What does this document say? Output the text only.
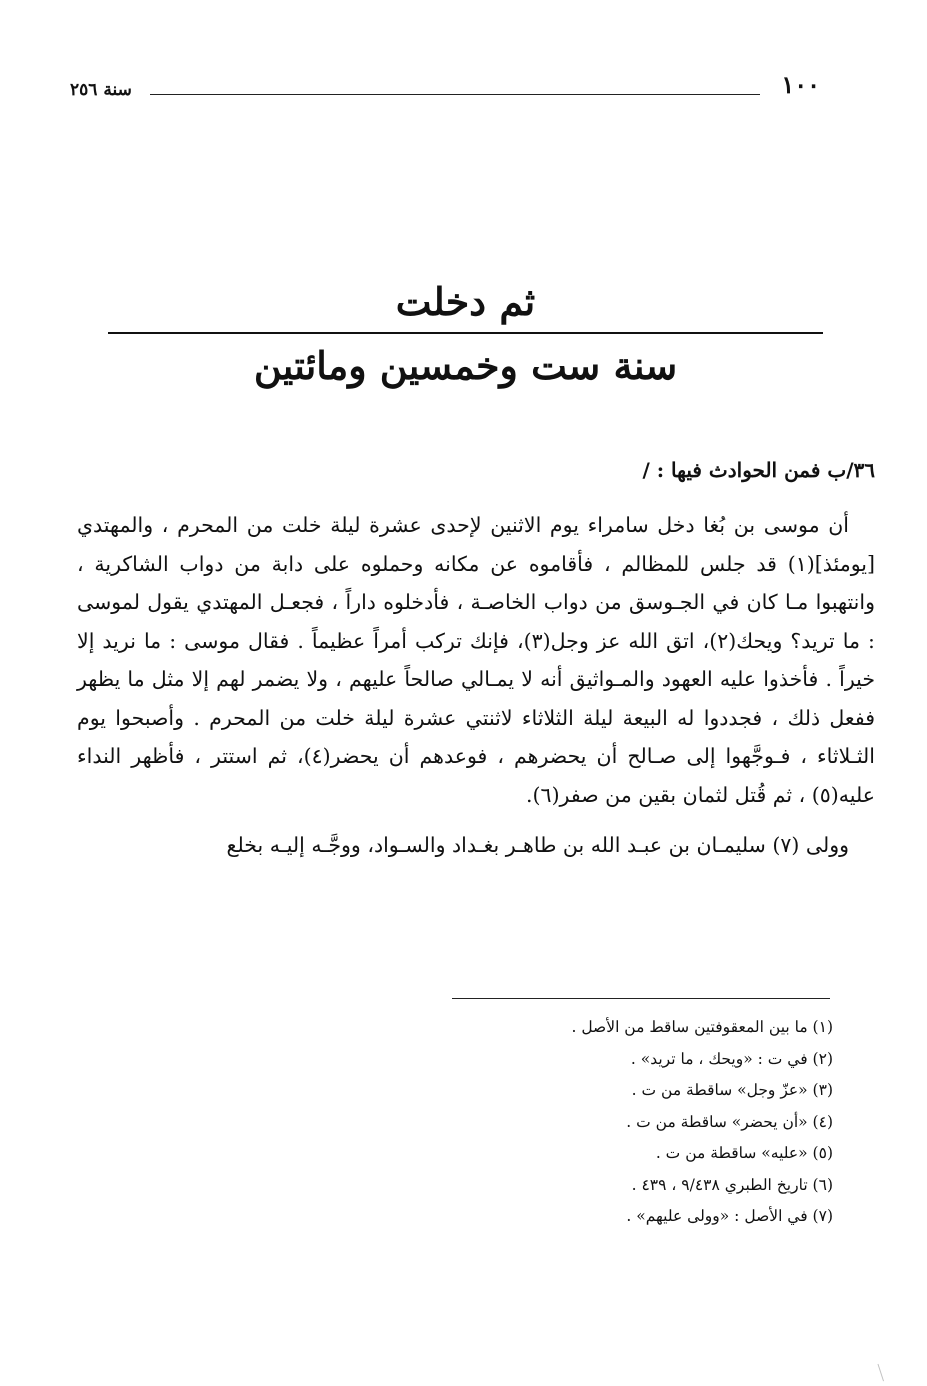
١٠٠
سنة ٢٥٦
ثم دخلت
سنة ست وخمسين ومائتين
٣٦/ب فمن الحوادث فيها : /

أن موسى بن بُغا دخل سامراء يوم الاثنين لإحدى عشرة ليلة خلت من المحرم ، والمهتدي [يومئذ](١) قد جلس للمظالم ، فأقاموه عن مكانه وحملوه على دابة من دواب الشاكرية ، وانتهبوا مـا كان في الجـوسق من دواب الخاصـة ، فأدخلوه داراً ، فجعـل المهتدي يقول لموسى : ما تريد؟ ويحك(٢)، اتق الله عز وجل(٣)، فإنك تركب أمراً عظيماً . فقال موسى : ما نريد إلا خيراً . فأخذوا عليه العهود والمـواثيق أنه لا يمـالي صالحاً عليهم ، ولا يضمر لهم إلا مثل ما يظهر ففعل ذلك ، فجددوا له البيعة ليلة الثلاثاء لاثنتي عشرة ليلة خلت من المحرم . وأصبحوا يوم الثـلاثاء ، فـوجَّهوا إلى صـالح أن يحضرهم ، فوعدهم أن يحضر(٤)، ثم استتر ، فأظهر النداء عليه(٥) ، ثم قُتل لثمان بقين من صفر(٦).

وولى (٧) سليمـان بن عبـد الله بن طاهـر بغـداد والسـواد، ووجَّـه إليـه بخلع

(١) ما بين المعقوفتين ساقط من الأصل .
(٢) في ت : «ويحك ، ما تريد» .
(٣) «عزّ وجل» ساقطة من ت .
(٤) «أن يحضر» ساقطة من ت .
(٥) «عليه» ساقطة من ت .
(٦) تاريخ الطبري ٩/٤٣٨ ، ٤٣٩ .
(٧) في الأصل : «وولى عليهم» .
